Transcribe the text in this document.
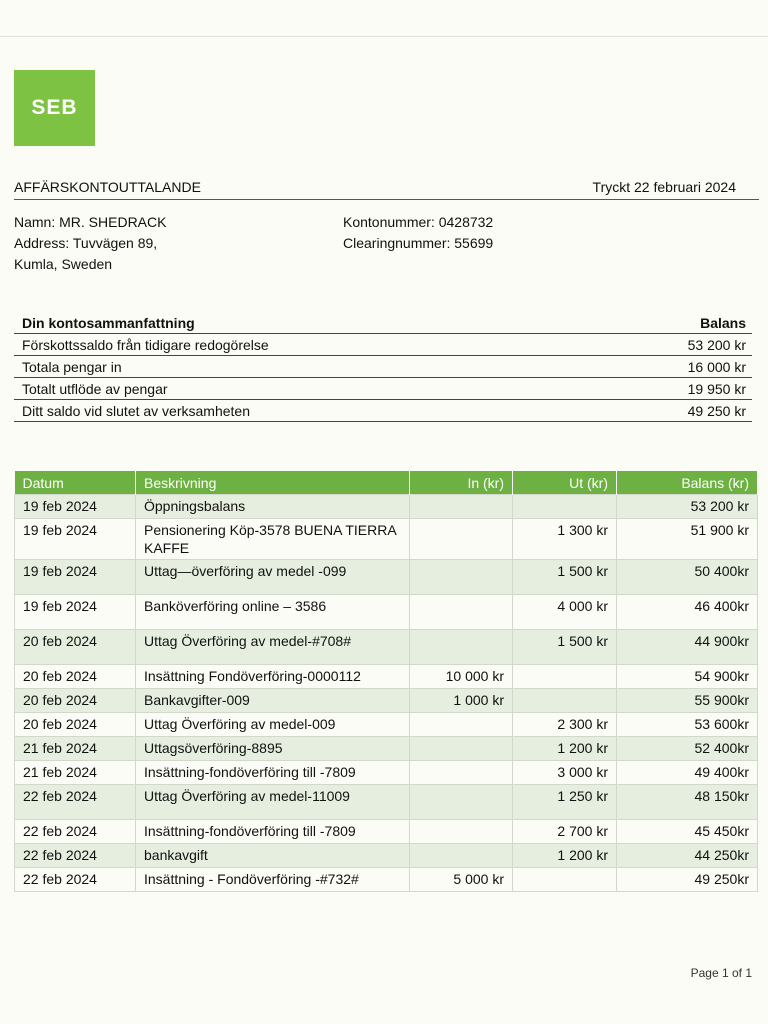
SEB
AFFÄRSKONTOUTTALANDE	Tryckt 22 februari 2024
Namn: MR. SHEDRACK
Address: Tuvvägen 89,
Kumla, Sweden
Kontonummer: 0428732
Clearingnummer: 55699
Din kontosammanfattning	Balans
Förskottssaldo från tidigare redogörelse	53 200 kr
Totala pengar in	16 000 kr
Totalt utflöde av pengar	19 950 kr
Ditt saldo vid slutet av verksamheten	49 250 kr
Datum	Beskrivning	In (kr)	Ut (kr)	Balans (kr)
19 feb 2024	Öppningsbalans			53 200 kr
19 feb 2024	Pensionering Köp-3578 BUENA TIERRA KAFFE		1 300 kr	51 900 kr
19 feb 2024	Uttag—överföring av medel -099		1 500 kr	50 400kr
19 feb 2024	Banköverföring online – 3586		4 000 kr	46 400kr
20 feb 2024	Uttag Överföring av medel-#708#		1 500 kr	44 900kr
20 feb 2024	Insättning Fondöverföring-0000112	10 000 kr		54 900kr
20 feb 2024	Bankavgifter-009	1 000 kr		55 900kr
20 feb 2024	Uttag Överföring av medel-009		2 300 kr	53 600kr
21 feb 2024	Uttagsöverföring-8895		1 200 kr	52 400kr
21 feb 2024	Insättning-fondöverföring till -7809		3 000 kr	49 400kr
22 feb 2024	Uttag Överföring av medel-11009		1 250 kr	48 150kr
22 feb 2024	Insättning-fondöverföring till -7809		2 700 kr	45 450kr
22 feb 2024	bankavgift		1 200 kr	44 250kr
22 feb 2024	Insättning - Fondöverföring -#732#	5 000 kr		49 250kr
Page 1 of 1
